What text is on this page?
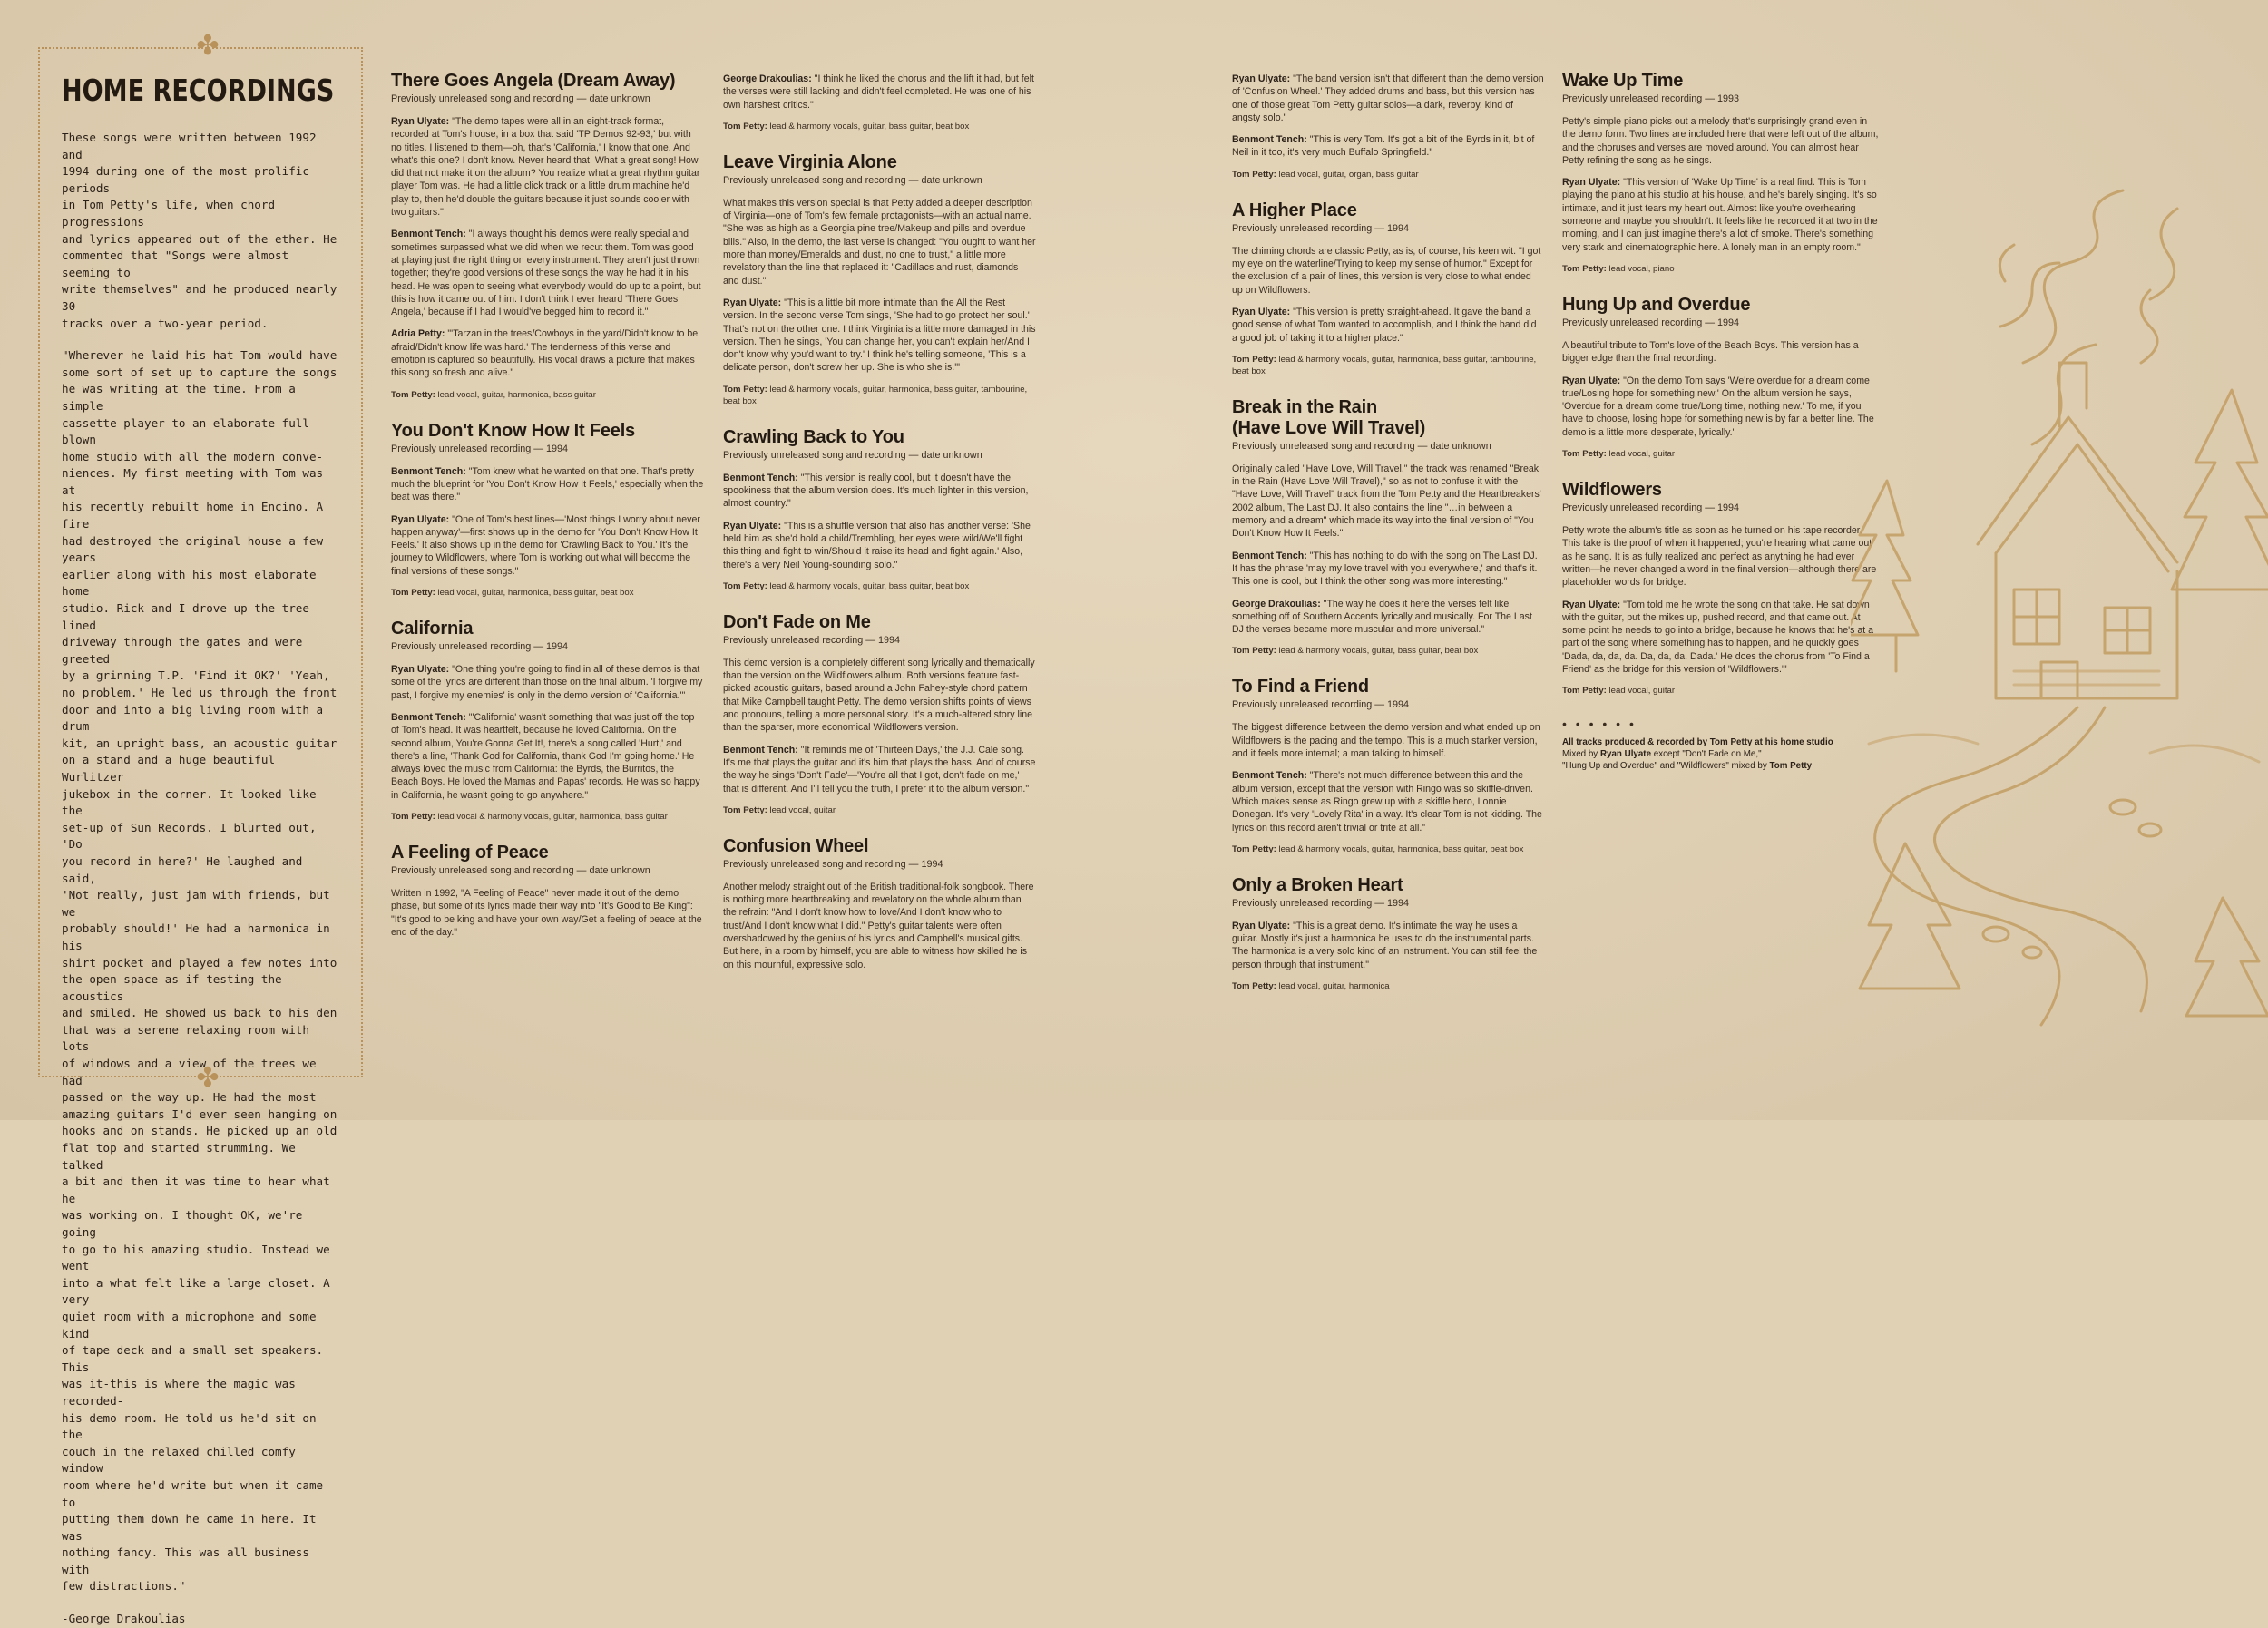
✤
HOME RECORDINGS

These songs were written between 1992 and
1994 during one of the most prolific periods
in Tom Petty's life, when chord progressions
and lyrics appeared out of the ether. He
commented that "Songs were almost seeming to
write themselves" and he produced nearly 30
tracks over a two-year period.

"Wherever he laid his hat Tom would have
some sort of set up to capture the songs
he was writing at the time. From a simple
cassette player to an elaborate full-blown
home studio with all the modern conve-
niences. My first meeting with Tom was at
his recently rebuilt home in Encino. A fire
had destroyed the original house a few years
earlier along with his most elaborate home
studio. Rick and I drove up the tree-lined
driveway through the gates and were greeted
by a grinning T.P. 'Find it OK?' 'Yeah,
no problem.' He led us through the front
door and into a big living room with a drum
kit, an upright bass, an acoustic guitar
on a stand and a huge beautiful Wurlitzer
jukebox in the corner. It looked like the
set-up of Sun Records. I blurted out, 'Do
you record in here?' He laughed and said,
'Not really, just jam with friends, but we
probably should!' He had a harmonica in his
shirt pocket and played a few notes into
the open space as if testing the acoustics
and smiled. He showed us back to his den
that was a serene relaxing room with lots
of windows and a view of the trees we had
passed on the way up. He had the most
amazing guitars I'd ever seen hanging on
hooks and on stands. He picked up an old
flat top and started strumming. We talked
a bit and then it was time to hear what he
was working on. I thought OK, we're going
to go to his amazing studio. Instead we went
into a what felt like a large closet. A very
quiet room with a microphone and some kind
of tape deck and a small set speakers. This
was it-this is where the magic was recorded-
his demo room. He told us he'd sit on the
couch in the relaxed chilled comfy window
room where he'd write but when it came to
putting them down he came in here. It was
nothing fancy. This was all business with
few distractions."

-George Drakoulias

✤
There Goes Angela (Dream Away)
Previously unreleased song and recording — date unknown

Ryan Ulyate: "The demo tapes were all in an eight-track format, recorded at Tom's house, in a box that said 'TP Demos 92-93,' but with no titles. I listened to them—oh, that's 'California,' I know that one. And what's this one? I don't know. Never heard that. What a great song! How did that not make it on the album? You realize what a great rhythm guitar player Tom was. He had a little click track or a little drum machine he'd play to, then he'd double the guitars because it just sounds cooler with two guitars."

Benmont Tench: "I always thought his demos were really special and sometimes surpassed what we did when we recut them. Tom was good at playing just the right thing on every instrument. They aren't just thrown together; they're good versions of these songs the way he had it in his head. He was open to seeing what everybody would do up to a point, but this is how it came out of him. I don't think I ever heard 'There Goes Angela,' because if I had I would've begged him to record it."

Adria Petty: "'Tarzan in the trees/Cowboys in the yard/Didn't know to be afraid/Didn't know life was hard.' The tenderness of this verse and emotion is captured so beautifully. His vocal draws a picture that makes this song so fresh and alive."

Tom Petty: lead vocal, guitar, harmonica, bass guitar

You Don't Know How It Feels
Previously unreleased recording — 1994

Benmont Tench: "Tom knew what he wanted on that one. That's pretty much the blueprint for 'You Don't Know How It Feels,' especially when the beat was there."

Ryan Ulyate: "One of Tom's best lines—'Most things I worry about never happen anyway'—first shows up in the demo for 'You Don't Know How It Feels.' It also shows up in the demo for 'Crawling Back to You.' It's the journey to Wildflowers, where Tom is working out what will become the final versions of these songs."

Tom Petty: lead vocal, guitar, harmonica, bass guitar, beat box

California
Previously unreleased recording — 1994

Ryan Ulyate: "One thing you're going to find in all of these demos is that some of the lyrics are different than those on the final album. 'I forgive my past, I forgive my enemies' is only in the demo version of 'California.'"

Benmont Tench: "'California' wasn't something that was just off the top of Tom's head. It was heartfelt, because he loved California. On the second album, You're Gonna Get It!, there's a song called 'Hurt,' and there's a line, 'Thank God for California, thank God I'm going home.' He always loved the music from California: the Byrds, the Burritos, the Beach Boys. He loved the Mamas and Papas' records. He was so happy in California, he wasn't going to go anywhere."

Tom Petty: lead vocal & harmony vocals, guitar, harmonica, bass guitar

A Feeling of Peace
Previously unreleased song and recording — date unknown

Written in 1992, "A Feeling of Peace" never made it out of the demo phase, but some of its lyrics made their way into "It's Good to Be King": "It's good to be king and have your own way/Get a feeling of peace at the end of the day."

George Drakoulias: "I think he liked the chorus and the lift it had, but felt the verses were still lacking and didn't feel completed. He was one of his own harshest critics."

Tom Petty: lead & harmony vocals, guitar, bass guitar, beat box

Leave Virginia Alone
Previously unreleased song and recording — date unknown

What makes this version special is that Petty added a deeper description of Virginia—one of Tom's few female protagonists—with an actual name. "She was as high as a Georgia pine tree/Makeup and pills and overdue bills." Also, in the demo, the last verse is changed: "You ought to want her more than money/Emeralds and dust, no one to trust," a little more revelatory than the line that replaced it: "Cadillacs and rust, diamonds and dust."

Ryan Ulyate: "This is a little bit more intimate than the All the Rest version. In the second verse Tom sings, 'She had to go protect her soul.' That's not on the other one. I think Virginia is a little more damaged in this version. Then he sings, 'You can change her, you can't explain her/And I don't know why you'd want to try.' I think he's telling someone, 'This is a delicate person, don't screw her up. She is who she is.'"

Tom Petty: lead & harmony vocals, guitar, harmonica, bass guitar, tambourine, beat box

Crawling Back to You
Previously unreleased song and recording — date unknown

Benmont Tench: "This version is really cool, but it doesn't have the spookiness that the album version does. It's much lighter in this version, almost country."

Ryan Ulyate: "This is a shuffle version that also has another verse: 'She held him as she'd hold a child/Trembling, her eyes were wild/We'll fight this thing and fight to win/Should it raise its head and fight again.' Also, there's a very Neil Young-sounding solo."

Tom Petty: lead & harmony vocals, guitar, bass guitar, beat box

Don't Fade on Me
Previously unreleased recording — 1994

This demo version is a completely different song lyrically and thematically than the version on the Wildflowers album. Both versions feature fast-picked acoustic guitars, based around a John Fahey-style chord pattern that Mike Campbell taught Petty. The demo version shifts points of views and pronouns, telling a more personal story. It's a much-altered story line than the sparser, more economical Wildflowers version.

Benmont Tench: "It reminds me of 'Thirteen Days,' the J.J. Cale song. It's me that plays the guitar and it's him that plays the bass. And of course the way he sings 'Don't Fade'—'You're all that I got, don't fade on me,' that is different. And I'll tell you the truth, I prefer it to the album version."

Tom Petty: lead vocal, guitar

Confusion Wheel
Previously unreleased song and recording — 1994

Another melody straight out of the British traditional-folk songbook. There is nothing more heartbreaking and revelatory on the whole album than the refrain: "And I don't know how to love/And I don't know who to trust/And I don't know what I did." Petty's guitar talents were often overshadowed by the genius of his lyrics and Campbell's musical gifts. But here, in a room by himself, you are able to witness how skilled he is on this mournful, expressive solo.

Ryan Ulyate: "The band version isn't that different than the demo version of 'Confusion Wheel.' They added drums and bass, but this version has one of those great Tom Petty guitar solos—a dark, reverby, kind of angsty solo."

Benmont Tench: "This is very Tom. It's got a bit of the Byrds in it, bit of Neil in it too, it's very much Buffalo Springfield."

Tom Petty: lead vocal, guitar, organ, bass guitar

A Higher Place
Previously unreleased recording — 1994

The chiming chords are classic Petty, as is, of course, his keen wit. "I got my eye on the waterline/Trying to keep my sense of humor." Except for the exclusion of a pair of lines, this version is very close to what ended up on Wildflowers.

Ryan Ulyate: "This version is pretty straight-ahead. It gave the band a good sense of what Tom wanted to accomplish, and I think the band did a good job of taking it to a higher place."

Tom Petty: lead & harmony vocals, guitar, harmonica, bass guitar, tambourine, beat box

Break in the Rain
(Have Love Will Travel)
Previously unreleased song and recording — date unknown

Originally called "Have Love, Will Travel," the track was renamed "Break in the Rain (Have Love Will Travel)," so as not to confuse it with the "Have Love, Will Travel" track from the Tom Petty and the Heartbreakers' 2002 album, The Last DJ. It also contains the line "…in between a memory and a dream" which made its way into the final version of "You Don't Know How It Feels."

Benmont Tench: "This has nothing to do with the song on The Last DJ. It has the phrase 'may my love travel with you everywhere,' and that's it. This one is cool, but I think the other song was more interesting."

George Drakoulias: "The way he does it here the verses felt like something off of Southern Accents lyrically and musically. For The Last DJ the verses became more muscular and more universal."

Tom Petty: lead & harmony vocals, guitar, bass guitar, beat box

To Find a Friend
Previously unreleased recording — 1994

The biggest difference between the demo version and what ended up on Wildflowers is the pacing and the tempo. This is a much starker version, and it feels more internal; a man talking to himself.

Benmont Tench: "There's not much difference between this and the album version, except that the version with Ringo was so skiffle-driven. Which makes sense as Ringo grew up with a skiffle hero, Lonnie Donegan. It's very 'Lovely Rita' in a way. It's clear Tom is not kidding. The lyrics on this record aren't trivial or trite at all."

Tom Petty: lead & harmony vocals, guitar, harmonica, bass guitar, beat box

Only a Broken Heart
Previously unreleased recording — 1994

Ryan Ulyate: "This is a great demo. It's intimate the way he uses a guitar. Mostly it's just a harmonica he uses to do the instrumental parts. The harmonica is a very solo kind of an instrument. You can still feel the person through that instrument."

Tom Petty: lead vocal, guitar, harmonica

Wake Up Time
Previously unreleased recording — 1993

Petty's simple piano picks out a melody that's surprisingly grand even in the demo form. Two lines are included here that were left out of the album, and the choruses and verses are moved around. You can almost hear Petty refining the song as he sings.

Ryan Ulyate: "This version of 'Wake Up Time' is a real find. This is Tom playing the piano at his studio at his house, and he's barely singing. It's so intimate, and it just tears my heart out. Almost like you're overhearing someone and maybe you shouldn't. It feels like he recorded it at two in the morning, and I can just imagine there's a lot of smoke. There's something very stark and cinematographic here. A lonely man in an empty room."

Tom Petty: lead vocal, piano

Hung Up and Overdue
Previously unreleased recording — 1994

A beautiful tribute to Tom's love of the Beach Boys. This version has a bigger edge than the final recording.

Ryan Ulyate: "On the demo Tom says 'We're overdue for a dream come true/Losing hope for something new.' On the album version he says, 'Overdue for a dream come true/Long time, nothing new.' To me, if you have to choose, losing hope for something new is by far a better line. The demo is a little more desperate, lyrically."

Tom Petty: lead vocal, guitar

Wildflowers
Previously unreleased recording — 1994

Petty wrote the album's title as soon as he turned on his tape recorder. This take is the proof of when it happened; you're hearing what came out as he sang. It is as fully realized and perfect as anything he had ever written—he never changed a word in the final version—although there are placeholder words for bridge.

Ryan Ulyate: "Tom told me he wrote the song on that take. He sat down with the guitar, put the mikes up, pushed record, and that came out. At some point he needs to go into a bridge, because he knows that he's at a part of the song where something has to happen, and he quickly goes 'Dada, da, da, da. Da, da, da. Dada.' He does the chorus from 'To Find a Friend' as the bridge for this version of 'Wildflowers.'"

Tom Petty: lead vocal, guitar

• • • • • •

All tracks produced & recorded by Tom Petty at his home studio

Mixed by Ryan Ulyate except "Don't Fade on Me,"

"Hung Up and Overdue" and "Wildflowers" mixed by Tom Petty
